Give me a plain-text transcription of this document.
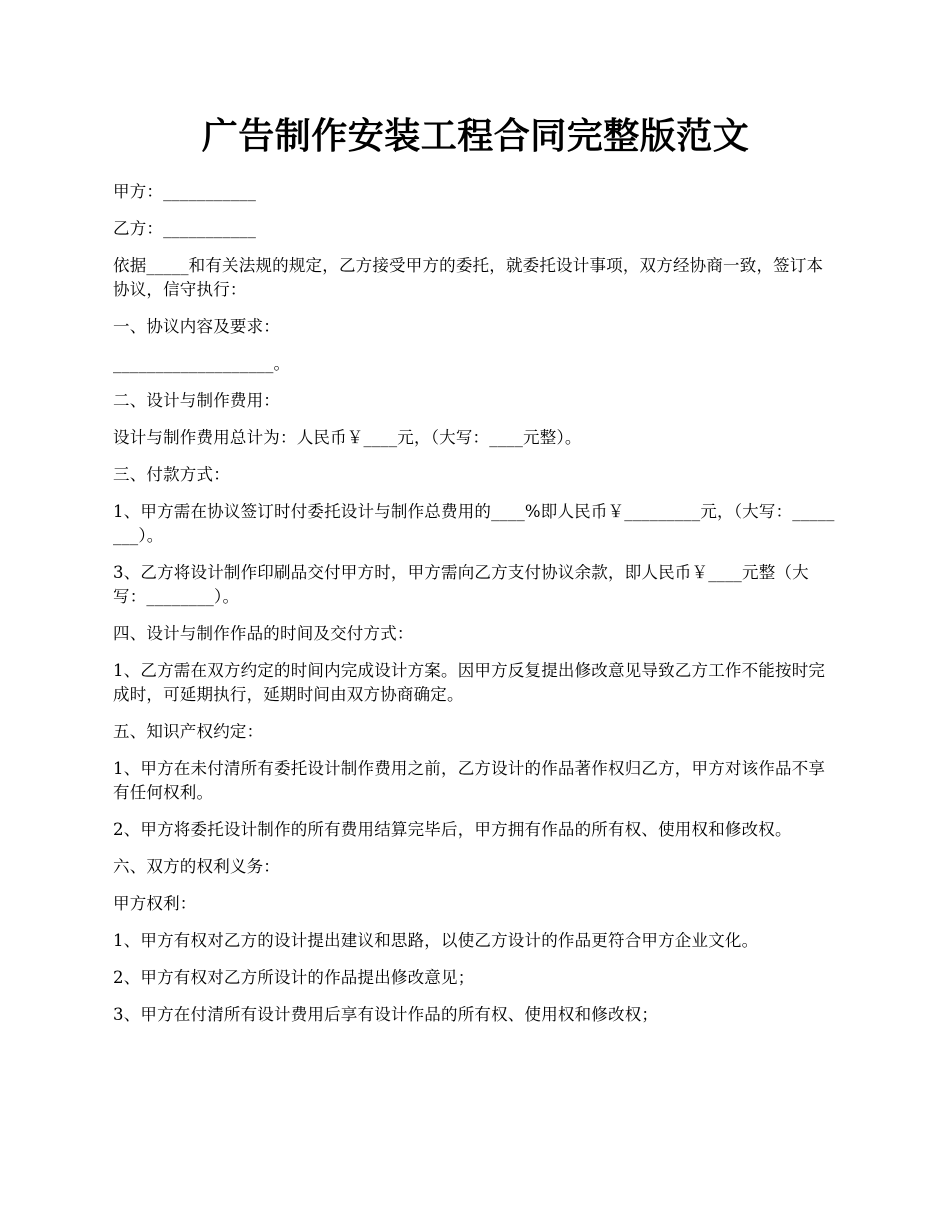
广告制作安装工程合同完整版范文

甲方：___________

乙方：___________

依据_____和有关法规的规定，乙方接受甲方的委托，就委托设计事项，双方经协商一致，签订本协议，信守执行：

一、协议内容及要求：

___________________。

二、设计与制作费用：

设计与制作费用总计为：人民币￥____元，（大写：____元整）。

三、付款方式：

1、甲方需在协议签订时付委托设计与制作总费用的____%即人民币￥_________元，（大写：________）。

3、乙方将设计制作印刷品交付甲方时，甲方需向乙方支付协议余款，即人民币￥____元整（大写：________）。

四、设计与制作作品的时间及交付方式：

1、乙方需在双方约定的时间内完成设计方案。因甲方反复提出修改意见导致乙方工作不能按时完成时，可延期执行，延期时间由双方协商确定。

五、知识产权约定：

1、甲方在未付清所有委托设计制作费用之前，乙方设计的作品著作权归乙方，甲方对该作品不享有任何权利。

2、甲方将委托设计制作的所有费用结算完毕后，甲方拥有作品的所有权、使用权和修改权。

六、双方的权利义务：

甲方权利：

1、甲方有权对乙方的设计提出建议和思路，以使乙方设计的作品更符合甲方企业文化。

2、甲方有权对乙方所设计的作品提出修改意见；

3、甲方在付清所有设计费用后享有设计作品的所有权、使用权和修改权；
